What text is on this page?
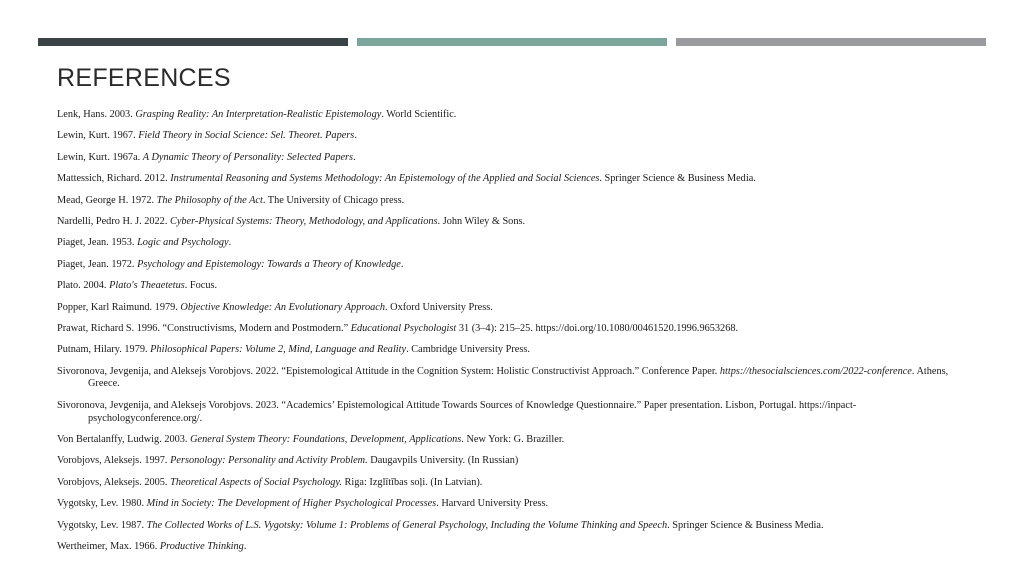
REFERENCES
Lenk, Hans. 2003. Grasping Reality: An Interpretation-Realistic Epistemology. World Scientific.
Lewin, Kurt. 1967. Field Theory in Social Science: Sel. Theoret. Papers.
Lewin, Kurt. 1967a. A Dynamic Theory of Personality: Selected Papers.
Mattessich, Richard. 2012. Instrumental Reasoning and Systems Methodology: An Epistemology of the Applied and Social Sciences. Springer Science & Business Media.
Mead, George H. 1972. The Philosophy of the Act. The University of Chicago press.
Nardelli, Pedro H. J. 2022. Cyber-Physical Systems: Theory, Methodology, and Applications. John Wiley & Sons.
Piaget, Jean. 1953. Logic and Psychology.
Piaget, Jean. 1972. Psychology and Epistemology: Towards a Theory of Knowledge.
Plato. 2004. Plato's Theaetetus. Focus.
Popper, Karl Raimund. 1979. Objective Knowledge: An Evolutionary Approach. Oxford University Press.
Prawat, Richard S. 1996. “Constructivisms, Modern and Postmodern.” Educational Psychologist 31 (3–4): 215–25. https://doi.org/10.1080/00461520.1996.9653268.
Putnam, Hilary. 1979. Philosophical Papers: Volume 2, Mind, Language and Reality. Cambridge University Press.
Sivoronova, Jevgenija, and Aleksejs Vorobjovs. 2022. “Epistemological Attitude in the Cognition System: Holistic Constructivist Approach.” Conference Paper. https://thesocialsciences.com/2022-conference. Athens, Greece.
Sivoronova, Jevgenija, and Aleksejs Vorobjovs. 2023. “Academics’ Epistemological Attitude Towards Sources of Knowledge Questionnaire.” Paper presentation. Lisbon, Portugal. https://inpact-psychologyconference.org/.
Von Bertalanffy, Ludwig. 2003. General System Theory: Foundations, Development, Applications. New York: G. Braziller.
Vorobjovs, Aleksejs. 1997. Personology: Personality and Activity Problem. Daugavpils University. (In Russian)
Vorobjovs, Aleksejs. 2005. Theoretical Aspects of Social Psychology. Riga: Izglītības soļi. (In Latvian).
Vygotsky, Lev. 1980. Mind in Society: The Development of Higher Psychological Processes. Harvard University Press.
Vygotsky, Lev. 1987. The Collected Works of L.S. Vygotsky: Volume 1: Problems of General Psychology, Including the Volume Thinking and Speech. Springer Science & Business Media.
Wertheimer, Max. 1966. Productive Thinking.
